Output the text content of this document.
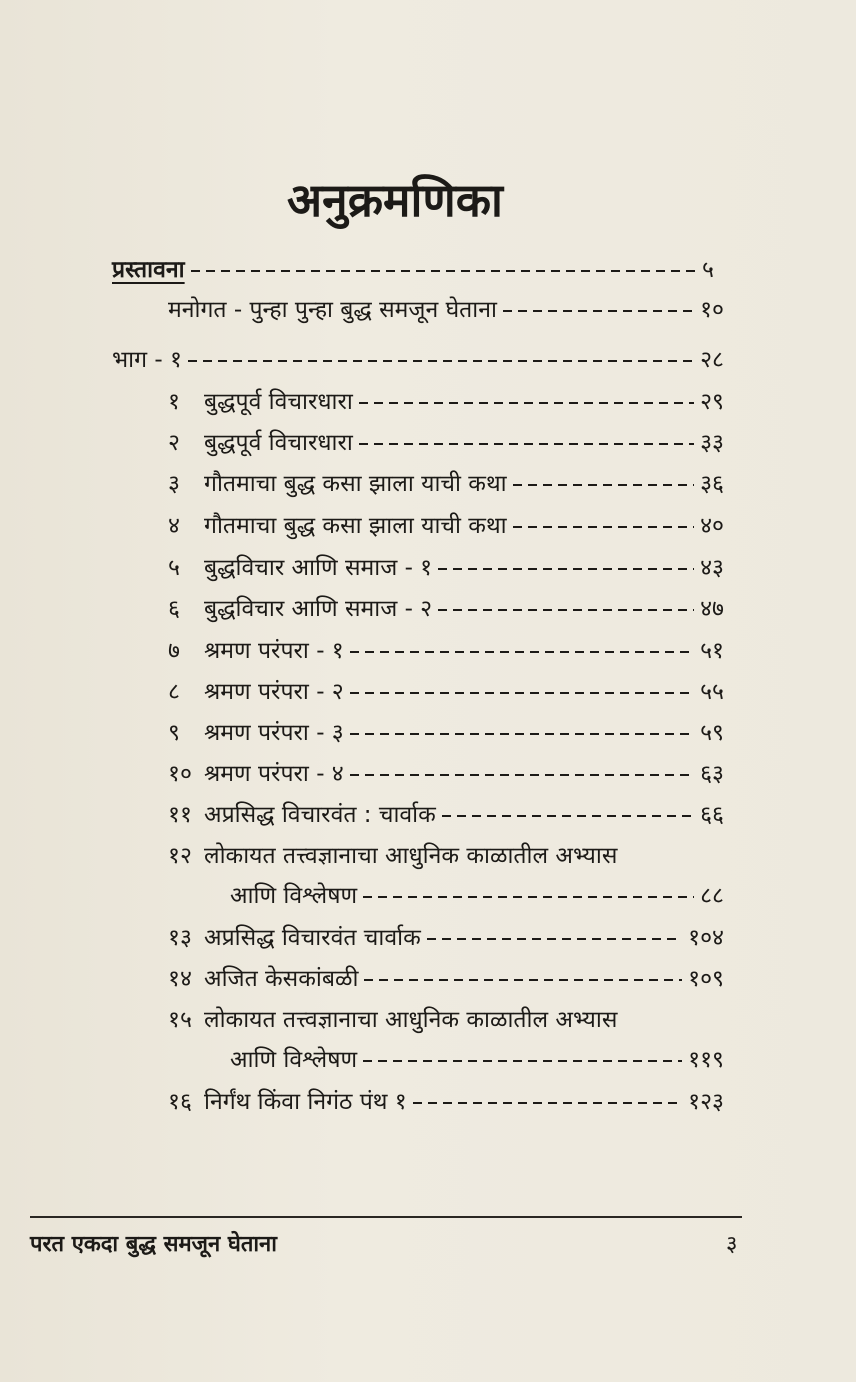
अनुक्रमणिका
प्रस्तावना	५
मनोगत - पुन्हा पुन्हा बुद्ध समजून घेताना	१०
भाग - १	२८
१	बुद्धपूर्व विचारधारा	२९
२	बुद्धपूर्व विचारधारा	३३
३	गौतमाचा बुद्ध कसा झाला याची कथा	३६
४	गौतमाचा बुद्ध कसा झाला याची कथा	४०
५	बुद्धविचार आणि समाज - १	४३
६	बुद्धविचार आणि समाज - २	४७
७	श्रमण परंपरा - १	५१
८	श्रमण परंपरा - २	५५
९	श्रमण परंपरा - ३	५९
१० श्रमण परंपरा - ४	६३
११ अप्रसिद्ध विचारवंत : चार्वाक	६६
१२ लोकायत तत्त्वज्ञानाचा आधुनिक काळातील अभ्यास
आणि विश्लेषण	८८
१३ अप्रसिद्ध विचारवंत चार्वाक	१०४
१४ अजित केसकांबळी	१०९
१५ लोकायत तत्त्वज्ञानाचा आधुनिक काळातील अभ्यास
आणि विश्लेषण	११९
१६ निर्गंथ किंवा निगंठ पंथ १	१२३
परत एकदा बुद्ध समजून घेताना	३
